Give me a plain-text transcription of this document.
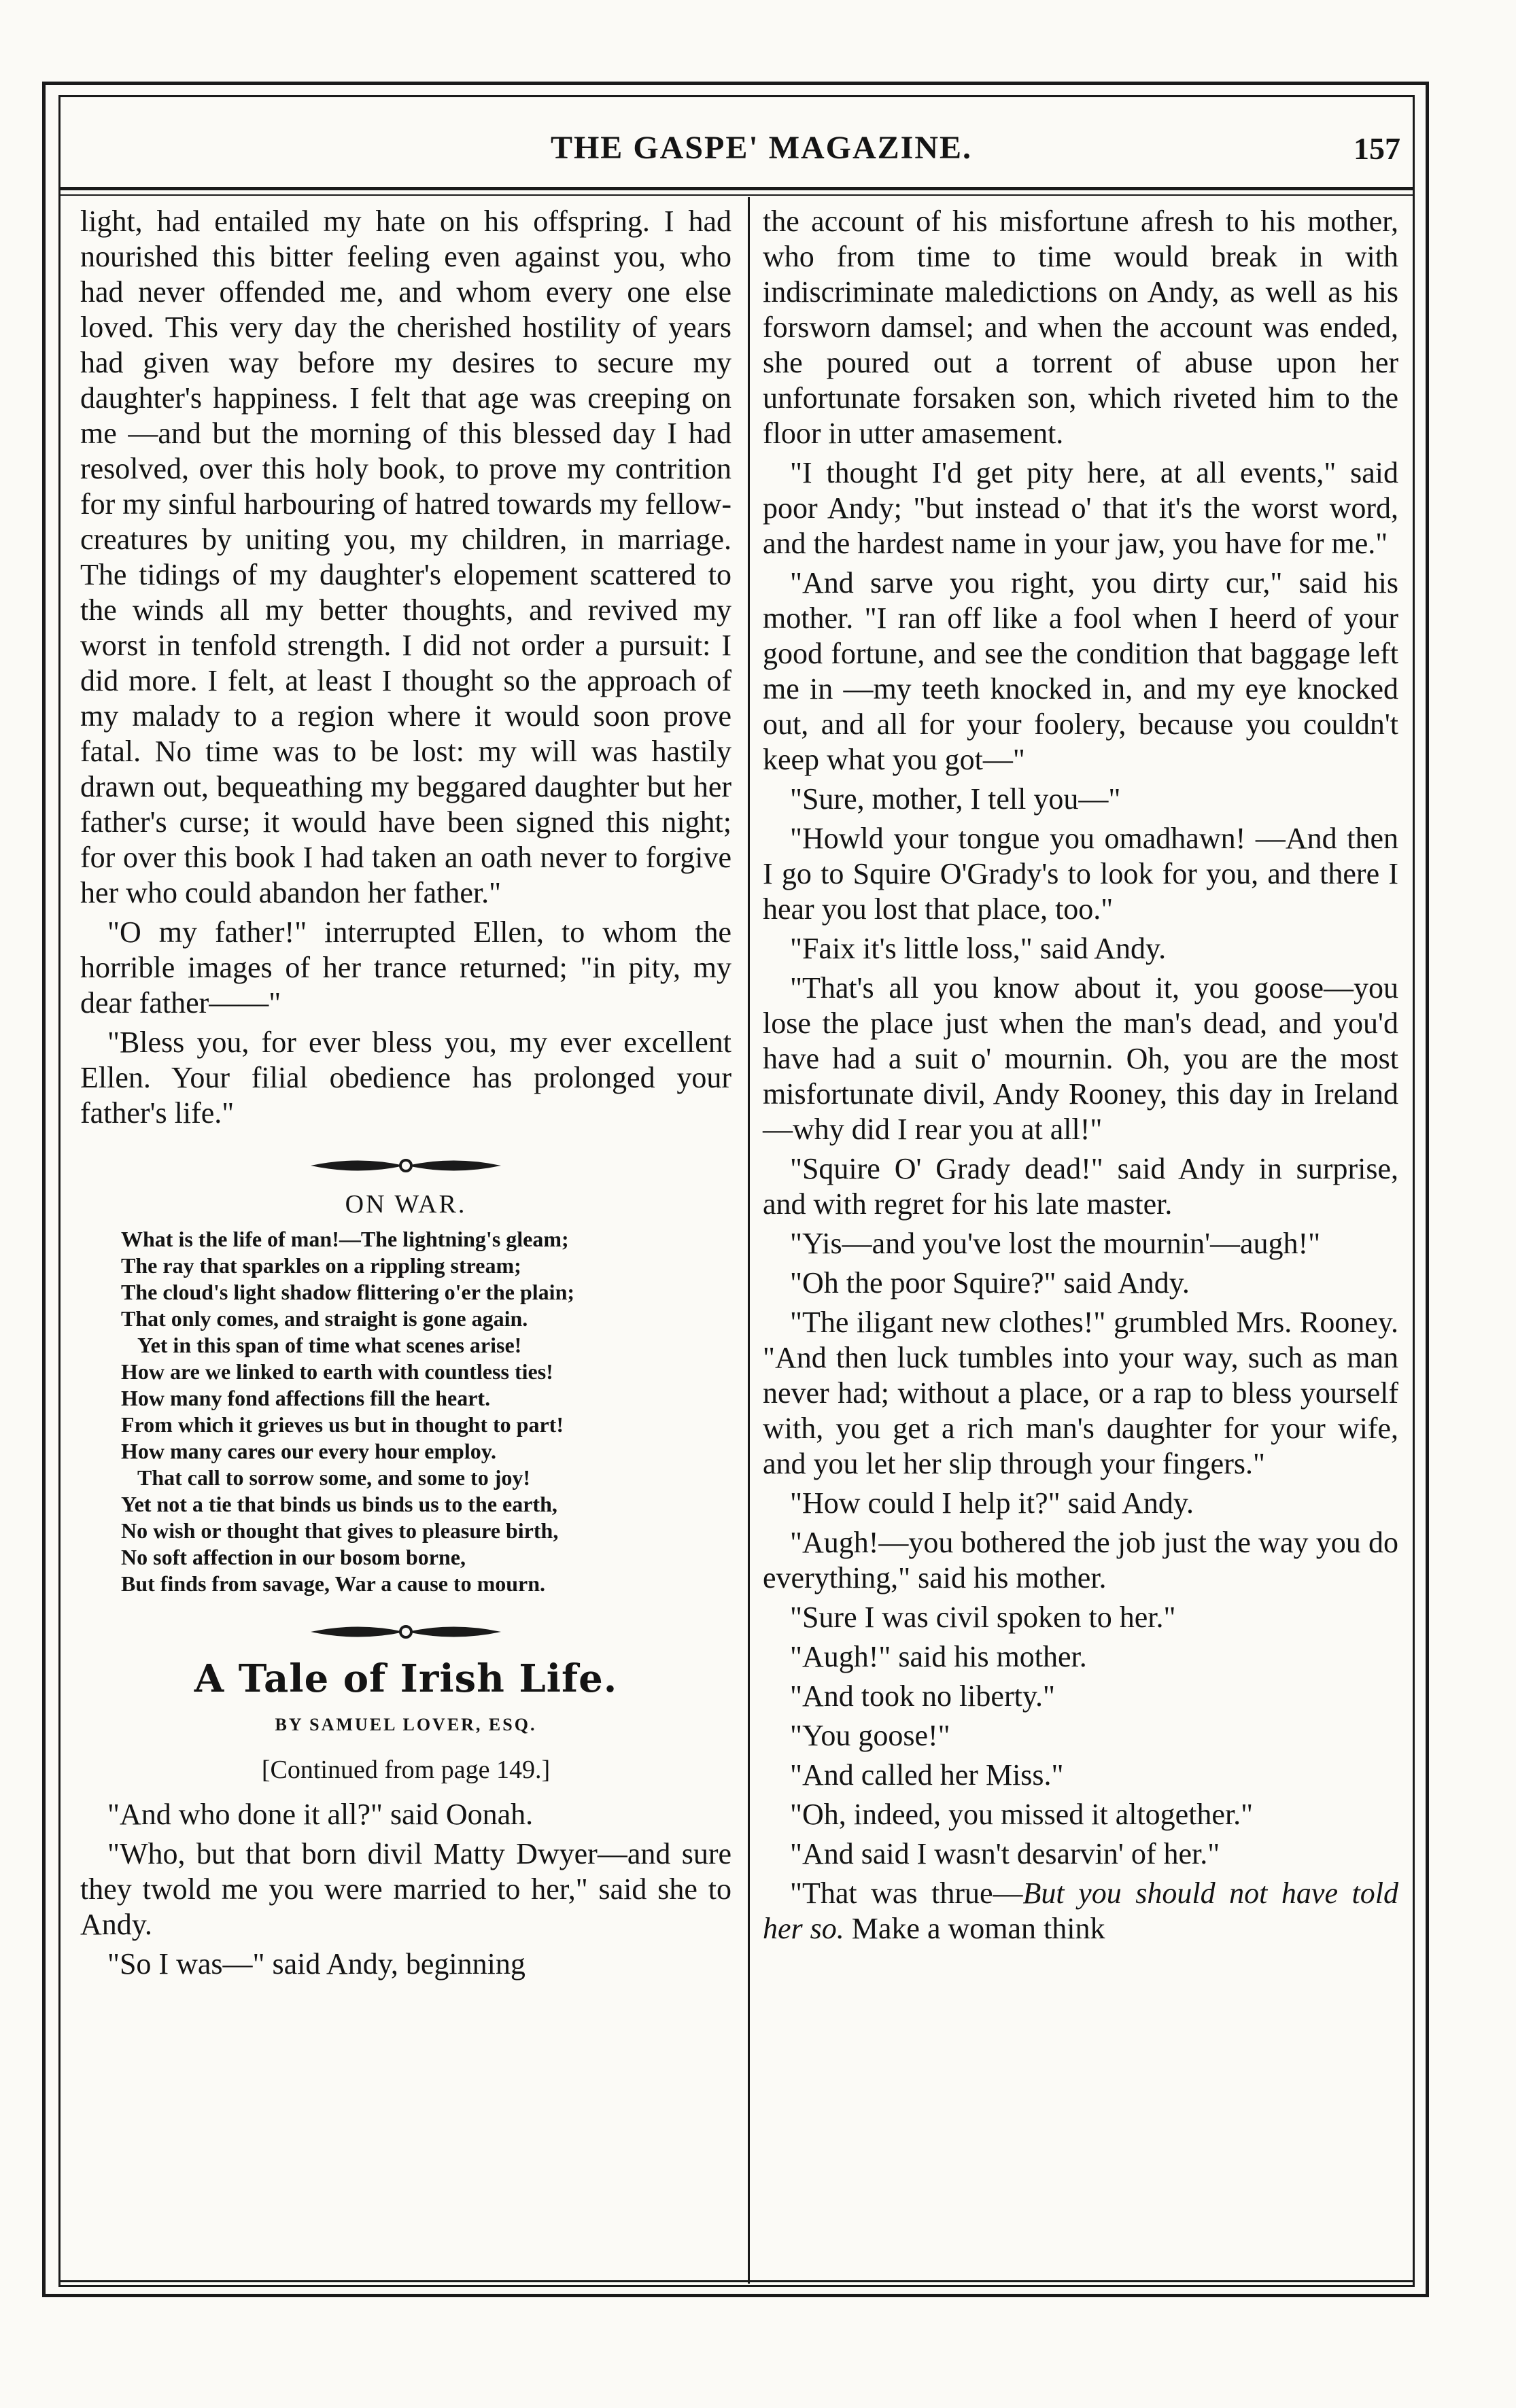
THE GASPE' MAGAZINE.	157

light, had entailed my hate on his offspring. I had nourished this bitter feeling even against you, who had never offended me, and whom every one else loved. This very day the cherished hostility of years had given way before my desires to secure my daughter's happiness. I felt that age was creeping on me —and but the morning of this blessed day I had resolved, over this holy book, to prove my contrition for my sinful harbouring of hatred towards my fellow-creatures by uniting you, my children, in marriage. The tidings of my daughter's elopement scattered to the winds all my better thoughts, and revived my worst in tenfold strength. I did not order a pursuit: I did more. I felt, at least I thought so the approach of my malady to a region where it would soon prove fatal. No time was to be lost: my will was hastily drawn out, bequeathing my beggared daughter but her father's curse; it would have been signed this night; for over this book I had taken an oath never to forgive her who could abandon her father."

"O my father!" interrupted Ellen, to whom the horrible images of her trance returned; "in pity, my dear father——"

"Bless you, for ever bless you, my ever excellent Ellen. Your filial obedience has prolonged your father's life."

ON WAR.
What is the life of man!—The lightning's gleam;
The ray that sparkles on a rippling stream;
The cloud's light shadow flittering o'er the plain;
That only comes, and straight is gone again.
Yet in this span of time what scenes arise!
How are we linked to earth with countless ties!
How many fond affections fill the heart.
From which it grieves us but in thought to part!
How many cares our every hour employ.
That call to sorrow some, and some to joy!
Yet not a tie that binds us binds us to the earth,
No wish or thought that gives to pleasure birth,
No soft affection in our bosom borne,
But finds from savage, War a cause to mourn.
A Tale of Irish Life.
BY SAMUEL LOVER, ESQ.
[Continued from page 149.]

"And who done it all?" said Oonah.

"Who, but that born divil Matty Dwyer—and sure they twold me you were married to her," said she to Andy.

"So I was—" said Andy, beginning

the account of his misfortune afresh to his mother, who from time to time would break in with indiscriminate maledictions on Andy, as well as his forsworn damsel; and when the account was ended, she poured out a torrent of abuse upon her unfortunate forsaken son, which riveted him to the floor in utter amasement.

"I thought I'd get pity here, at all events," said poor Andy; "but instead o' that it's the worst word, and the hardest name in your jaw, you have for me."

"And sarve you right, you dirty cur," said his mother. "I ran off like a fool when I heerd of your good fortune, and see the condition that baggage left me in —my teeth knocked in, and my eye knocked out, and all for your foolery, because you couldn't keep what you got—"

"Sure, mother, I tell you—"

"Howld your tongue you omadhawn! —And then I go to Squire O'Grady's to look for you, and there I hear you lost that place, too."

"Faix it's little loss," said Andy.

"That's all you know about it, you goose—you lose the place just when the man's dead, and you'd have had a suit o' mournin. Oh, you are the most misfortunate divil, Andy Rooney, this day in Ireland—why did I rear you at all!"

"Squire O' Grady dead!" said Andy in surprise, and with regret for his late master.

"Yis—and you've lost the mournin'—augh!"

"Oh the poor Squire?" said Andy.

"The iligant new clothes!" grumbled Mrs. Rooney. "And then luck tumbles into your way, such as man never had; without a place, or a rap to bless yourself with, you get a rich man's daughter for your wife, and you let her slip through your fingers."

"How could I help it?" said Andy.

"Augh!—you bothered the job just the way you do everything," said his mother.

"Sure I was civil spoken to her."

"Augh!" said his mother.

"And took no liberty."

"You goose!"

"And called her Miss."

"Oh, indeed, you missed it altogether."

"And said I wasn't desarvin' of her."

"That was thrue—But you should not have told her so. Make a woman think
